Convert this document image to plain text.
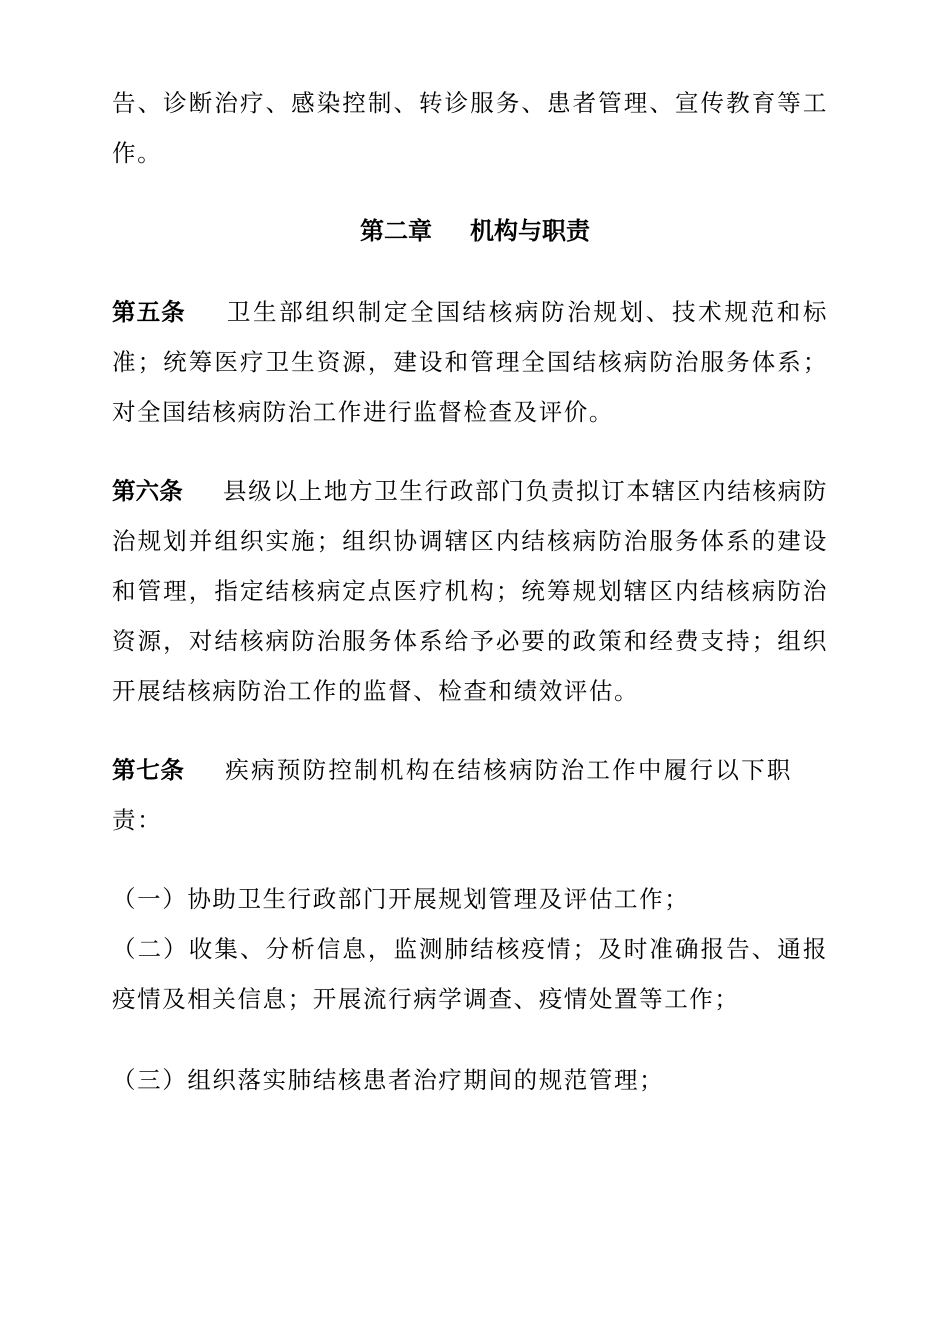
告、诊断治疗、感染控制、转诊服务、患者管理、宣传教育等工作。

第二章 机构与职责

第五条 卫生部组织制定全国结核病防治规划、技术规范和标准；统筹医疗卫生资源，建设和管理全国结核病防治服务体系；对全国结核病防治工作进行监督检查及评价。

第六条 县级以上地方卫生行政部门负责拟订本辖区内结核病防治规划并组织实施；组织协调辖区内结核病防治服务体系的建设和管理，指定结核病定点医疗机构；统筹规划辖区内结核病防治资源，对结核病防治服务体系给予必要的政策和经费支持；组织开展结核病防治工作的监督、检查和绩效评估。

第七条 疾病预防控制机构在结核病防治工作中履行以下职责：

（一）协助卫生行政部门开展规划管理及评估工作；

（二）收集、分析信息，监测肺结核疫情；及时准确报告、通报疫情及相关信息；开展流行病学调查、疫情处置等工作；

（三）组织落实肺结核患者治疗期间的规范管理；
